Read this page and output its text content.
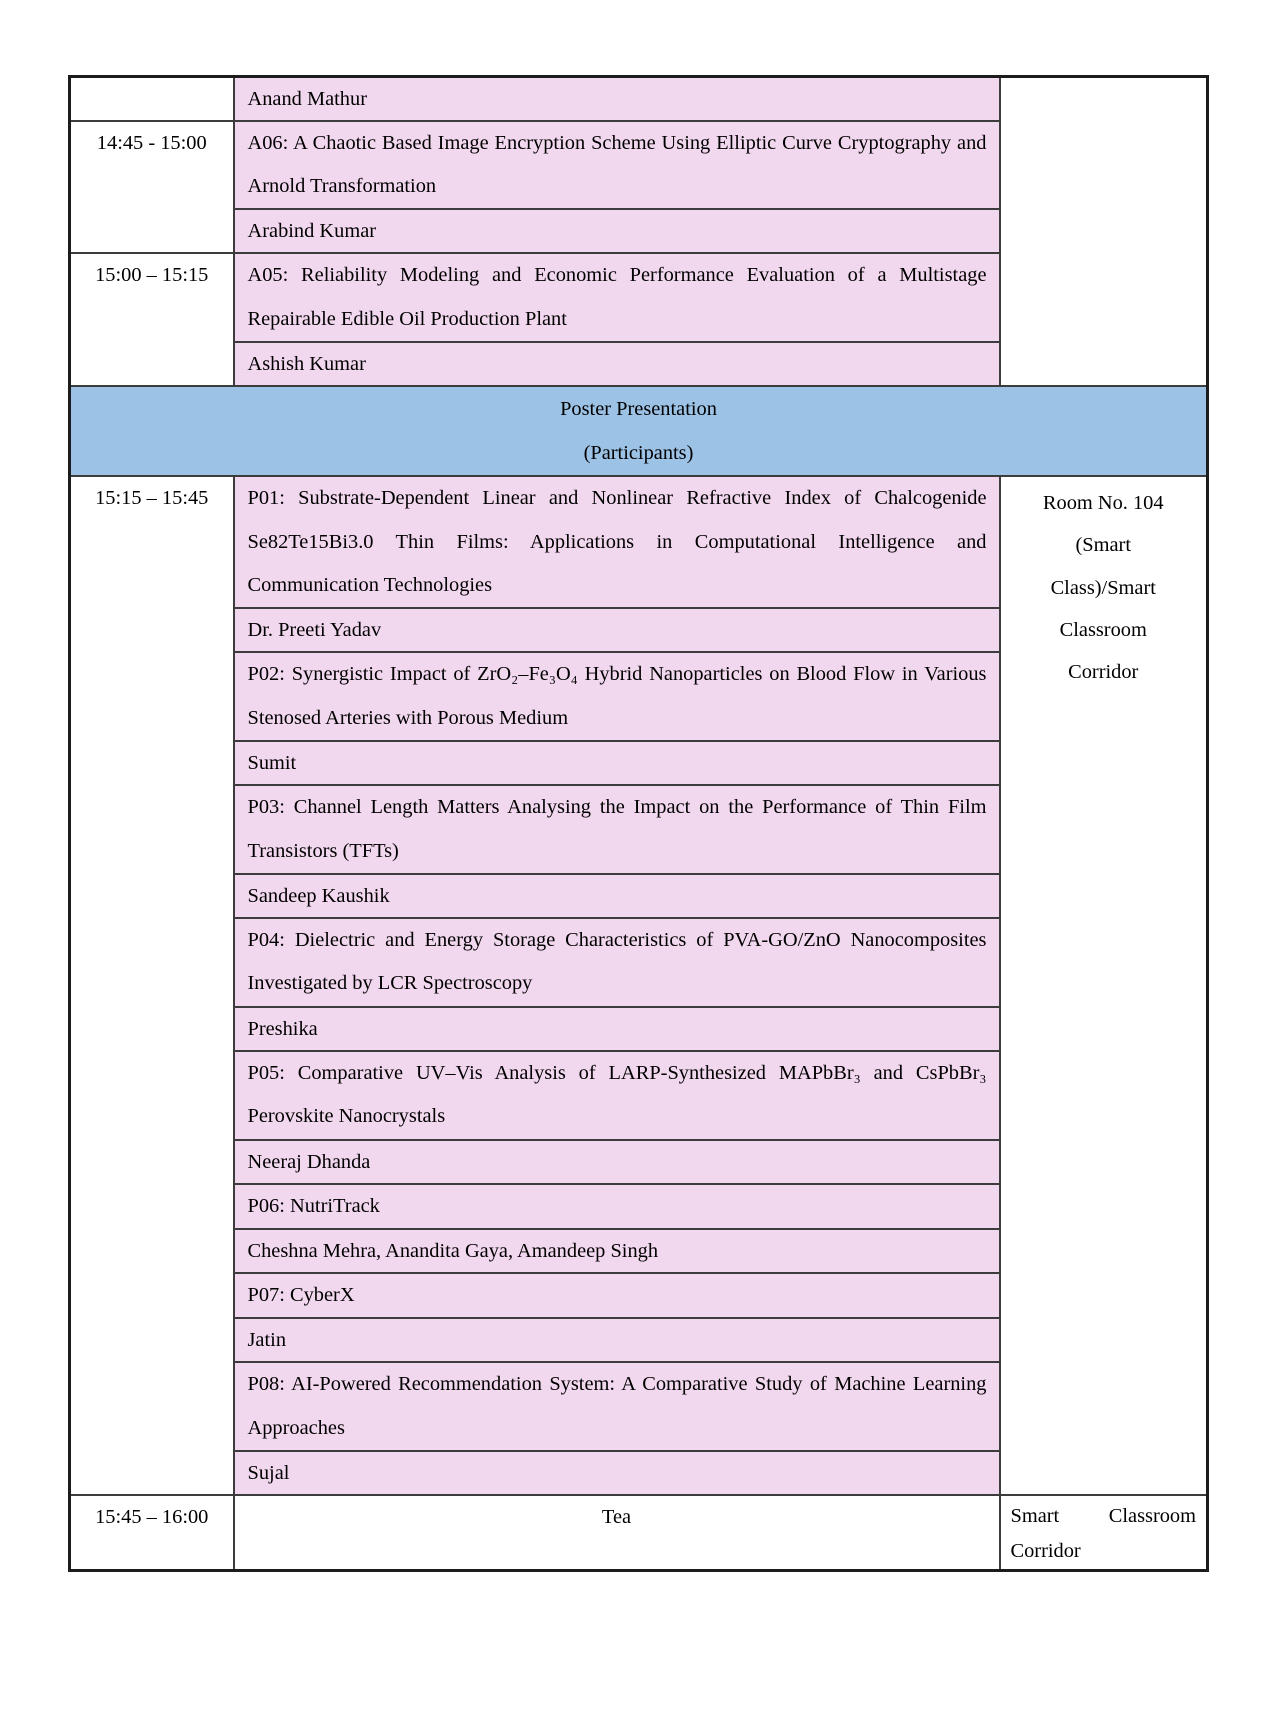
	Anand Mathur	
14:45 - 15:00	A06: A Chaotic Based Image Encryption Scheme Using Elliptic Curve Cryptography and Arnold Transformation	
	Arabind Kumar	
15:00 – 15:15	A05: Reliability Modeling and Economic Performance Evaluation of a Multistage Repairable Edible Oil Production Plant	
	Ashish Kumar	

Poster Presentation
(Participants)		

15:15 – 15:45	P01: Substrate-Dependent Linear and Nonlinear Refractive Index of Chalcogenide Se82Te15Bi3.0 Thin Films: Applications in Computational Intelligence and Communication Technologies	Room No. 104
(Smart
Class)/Smart
Classroom
Corridor

	Dr. Preeti Yadav	
	P02: Synergistic Impact of ZrO₂–Fe₃O₄ Hybrid Nanoparticles on Blood Flow in Various Stenosed Arteries with Porous Medium	
	Sumit	
	P03: Channel Length Matters Analysing the Impact on the Performance of Thin Film Transistors (TFTs)	
	Sandeep Kaushik	
	P04: Dielectric and Energy Storage Characteristics of PVA-GO/ZnO Nanocomposites Investigated by LCR Spectroscopy	
	Preshika	
	P05: Comparative UV–Vis Analysis of LARP-Synthesized MAPbBr₃ and CsPbBr₃ Perovskite Nanocrystals	
	Neeraj Dhanda	
	P06: NutriTrack	
	Cheshna Mehra, Anandita Gaya, Amandeep Singh	
	P07: CyberX	
	Jatin	
	P08: AI-Powered Recommendation System: A Comparative Study of Machine Learning Approaches	
	Sujal	
15:45 – 16:00	Tea	Smart Classroom Corridor
